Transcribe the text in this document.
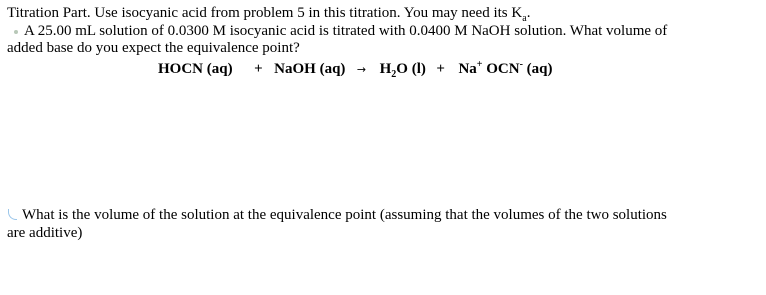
Titration Part. Use isocyanic acid from problem 5 in this titration. You may need its $K_a$.
A 25.00 mL solution of 0.0300 M isocyanic acid is titrated with 0.0400 M NaOH solution. What volume of
added base do you expect the equivalence point?
HOCN (aq) + NaOH $(aq) \to H_2O$ (l) + Na+ OCN- (aq)
What is the volume of the solution at the equivalence point (assuming that the volumes of the two solutions
are additive)
